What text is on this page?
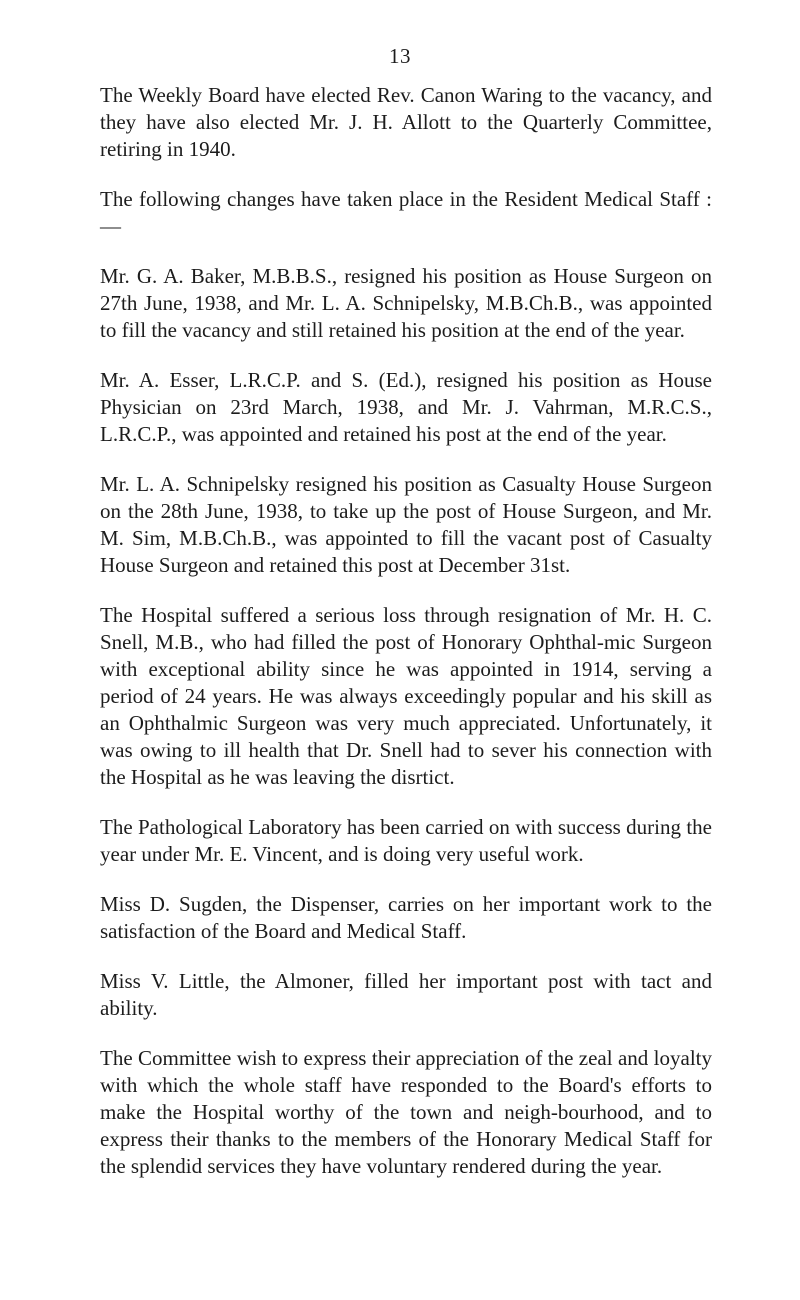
13

The Weekly Board have elected Rev. Canon Waring to the vacancy, and they have also elected Mr. J. H. Allott to the Quarterly Committee, retiring in 1940.

The following changes have taken place in the Resident Medical Staff :—

Mr. G. A. Baker, M.B.B.S., resigned his position as House Surgeon on 27th June, 1938, and Mr. L. A. Schnipelsky, M.B.Ch.B., was appointed to fill the vacancy and still retained his position at the end of the year.

Mr. A. Esser, L.R.C.P. and S. (Ed.), resigned his position as House Physician on 23rd March, 1938, and Mr. J. Vahrman, M.R.C.S., L.R.C.P., was appointed and retained his post at the end of the year.

Mr. L. A. Schnipelsky resigned his position as Casualty House Surgeon on the 28th June, 1938, to take up the post of House Surgeon, and Mr. M. Sim, M.B.Ch.B., was appointed to fill the vacant post of Casualty House Surgeon and retained this post at December 31st.

The Hospital suffered a serious loss through resignation of Mr. H. C. Snell, M.B., who had filled the post of Honorary Ophthal-mic Surgeon with exceptional ability since he was appointed in 1914, serving a period of 24 years. He was always exceedingly popular and his skill as an Ophthalmic Surgeon was very much appreciated. Unfortunately, it was owing to ill health that Dr. Snell had to sever his connection with the Hospital as he was leaving the disrtict.

The Pathological Laboratory has been carried on with success during the year under Mr. E. Vincent, and is doing very useful work.

Miss D. Sugden, the Dispenser, carries on her important work to the satisfaction of the Board and Medical Staff.

Miss V. Little, the Almoner, filled her important post with tact and ability.

The Committee wish to express their appreciation of the zeal and loyalty with which the whole staff have responded to the Board's efforts to make the Hospital worthy of the town and neigh-bourhood, and to express their thanks to the members of the Honorary Medical Staff for the splendid services they have voluntary rendered during the year.
